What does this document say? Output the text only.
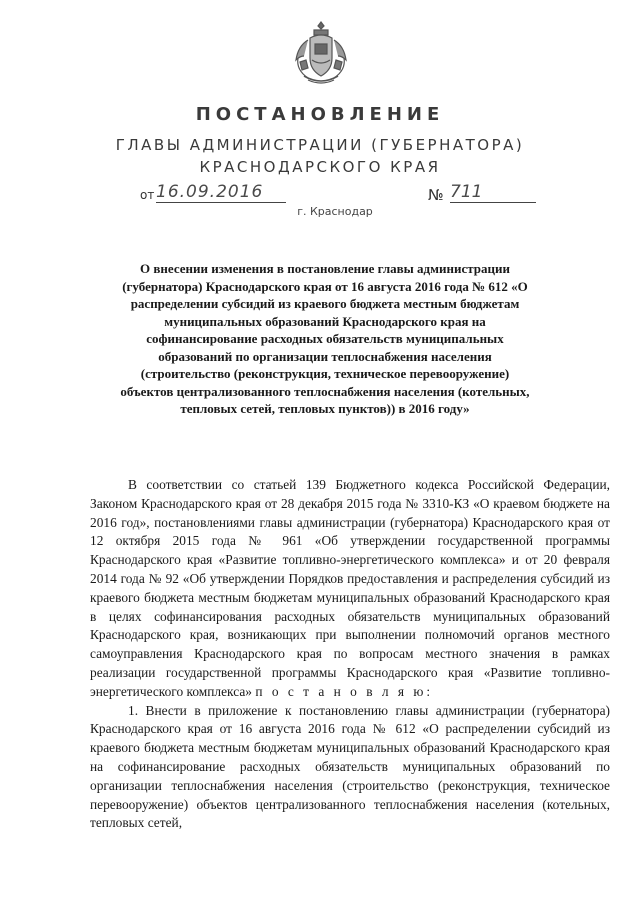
ПОСТАНОВЛЕНИЕ
ГЛАВЫ АДМИНИСТРАЦИИ (ГУБЕРНАТОРА)
КРАСНОДАРСКОГО КРАЯ
от 16.09.2016	№ 711
г. Краснодар
О внесении изменения в постановление главы администрации (губернатора) Краснодарского края от 16 августа 2016 года № 612 «О распределении субсидий из краевого бюджета местным бюджетам муниципальных образований Краснодарского края на софинансирование расходных обязательств муниципальных образований по организации теплоснабжения населения (строительство (реконструкция, техническое перевооружение) объектов централизованного теплоснабжения населения (котельных, тепловых сетей, тепловых пунктов)) в 2016 году»

В соответствии со статьей 139 Бюджетного кодекса Российской Федерации, Законом Краснодарского края от 28 декабря 2015 года № 3310-КЗ «О краевом бюджете на 2016 год», постановлениями главы администрации (губернатора) Краснодарского края от 12 октября 2015 года № 961 «Об утверждении государственной программы Краснодарского края «Развитие топливно-энергетического комплекса» и от 20 февраля 2014 года № 92 «Об утверждении Порядков предоставления и распределения субсидий из краевого бюджета местным бюджетам муниципальных образований Краснодарского края в целях софинансирования расходных обязательств муниципальных образований Краснодарского края, возникающих при выполнении полномочий органов местного самоуправления Краснодарского края по вопросам местного значения в рамках реализации государственной программы Краснодарского края «Развитие топливно-энергетического комплекса» п о с т а н о в л я ю:

1. Внести в приложение к постановлению главы администрации (губернатора) Краснодарского края от 16 августа 2016 года № 612 «О распределении субсидий из краевого бюджета местным бюджетам муниципальных образований Краснодарского края на софинансирование расходных обязательств муниципальных образований по организации теплоснабжения населения (строительство (реконструкция, техническое перевооружение) объектов централизованного теплоснабжения населения (котельных, тепловых сетей,
